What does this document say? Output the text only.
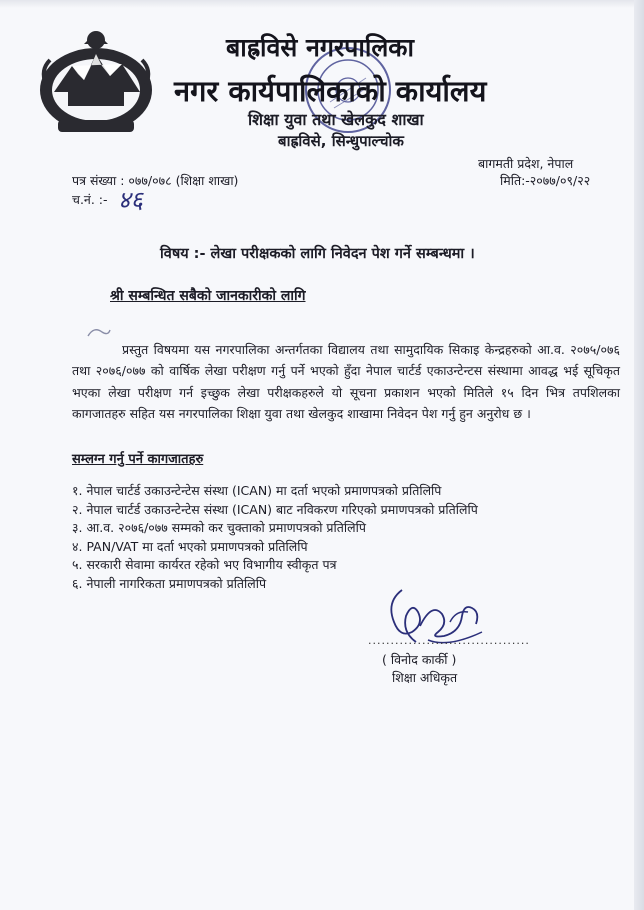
बाह्रविसे नगरपालिका
नगर कार्यपालिकाको कार्यालय
शिक्षा युवा तथा खेलकुद शाखा
बाह्रविसे, सिन्धुपाल्चोक
बागमती प्रदेश, नेपाल
पत्र संख्या : ०७७/०७८ (शिक्षा शाखा)	मिति:-२०७७/०९/२२
च.नं. :- ४६
विषय :- लेखा परीक्षकको लागि निवेदन पेश गर्ने सम्बन्धमा ।
श्री सम्बन्धित सबैको जानकारीको लागि

प्रस्तुत विषयमा यस नगरपालिका अन्तर्गतका विद्यालय तथा सामुदायिक सिकाइ केन्द्रहरुको आ.व. २०७५/०७६ तथा २०७६/०७७ को वार्षिक लेखा परीक्षण गर्नु पर्ने भएको हुँदा नेपाल चार्टर्ड एकाउन्टेन्टस संस्थामा आवद्ध भई सूचिकृत भएका लेखा परीक्षण गर्न इच्छुक लेखा परीक्षकहरुले यो सूचना प्रकाशन भएको मितिले १५ दिन भित्र तपशिलका कागजातहरु सहित यस नगरपालिका शिक्षा युवा तथा खेलकुद शाखामा निवेदन पेश गर्नु हुन अनुरोध छ ।

सम्लग्न गर्नु पर्ने कागजातहरु
१. नेपाल चार्टर्ड उकाउन्टेन्टेस संस्था (ICAN) मा दर्ता भएको प्रमाणपत्रको प्रतिलिपि
२. नेपाल चार्टर्ड उकाउन्टेन्टेस संस्था (ICAN) बाट नविकरण गरिएको प्रमाणपत्रको प्रतिलिपि
३. आ.व. २०७६/०७७ सम्मको कर चुक्ताको प्रमाणपत्रको प्रतिलिपि
४. PAN/VAT मा दर्ता भएको प्रमाणपत्रको प्रतिलिपि
५. सरकारी सेवामा कार्यरत रहेको भए विभागीय स्वीकृत पत्र
६. नेपाली नागरिकता प्रमाणपत्रको प्रतिलिपि
....................................
( विनोद कार्की )
शिक्षा अधिकृत
